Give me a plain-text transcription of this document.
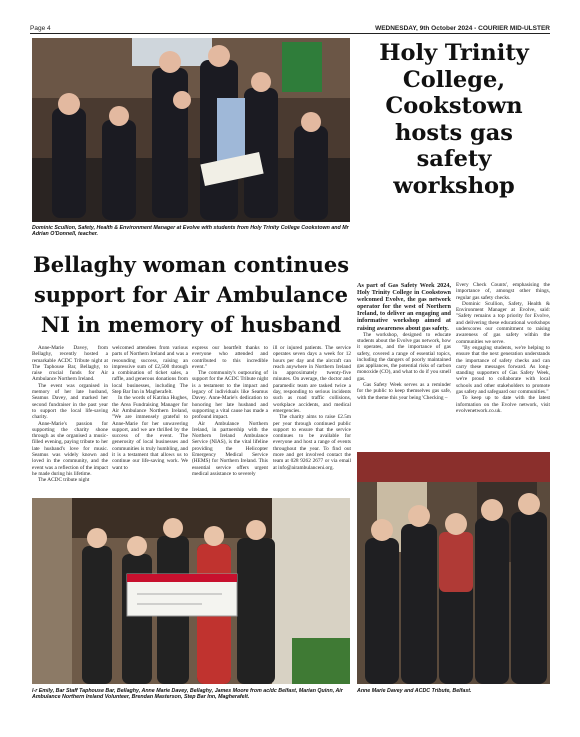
Page 4	WEDNESDAY, 9th October 2024 - COURIER MID-ULSTER
Dominic Scullion, Safety, Health & Environment Manager at Evolve with students from Holy Trinity College Cookstown and Mr Adrian O'Donnell, teacher.
Holy Trinity College, Cookstown hosts gas safety workshop

As part of Gas Safety Week 2024, Holy Trinity College in Cookstown welcomed Evolve, the gas network operator for the west of Northern Ireland, to deliver an engaging and informative workshop aimed at raising awareness about gas safety.

The workshop, designed to educate students about the Evolve gas network, how it operates, and the importance of gas safety, covered a range of essential topics, including the dangers of poorly maintained gas appliances, the potential risks of carbon monoxide (CO), and what to do if you smell gas.

Gas Safety Week serves as a reminder for the public to keep themselves gas safe, with the theme this year being 'Checking –

Every Check Counts', emphasising the importance of, amongst other things, regular gas safety checks.

Dominic Scullion, Safety, Health & Environment Manager at Evolve, said: "Safety remains a top priority for Evolve, and delivering these educational workshops underscores our commitment to raising awareness of gas safety within the communities we serve.

"By engaging students, we're helping to ensure that the next generation understands the importance of safety checks and can carry these messages forward. As long-standing supporters of Gas Safety Week, we're proud to collaborate with local schools and other stakeholders to promote gas safety and safeguard our communities."

To keep up to date with the latest information on the Evolve network, visit evolvenetwork.co.uk.

Bellaghy woman continues support for Air Ambulance NI in memory of husband

Anne-Marie Davey, from Bellaghy, recently hosted a remarkable ACDC Tribute night at The Taphouse Bar, Bellaghy, to raise crucial funds for Air Ambulance Northern Ireland.

The event was organised in memory of her late husband, Seamus Davey, and marked her second fundraiser in the past year to support the local life-saving charity.

Anne-Marie's passion for supporting the charity shone through as she organised a music-filled evening, paying tribute to her late husband's love for music. Seamus was widely known and loved in the community, and the event was a reflection of the impact he made during his lifetime.

The ACDC tribute night

welcomed attendees from various parts of Northern Ireland and was a resounding success, raising an impressive sum of £2,500 through a combination of ticket sales, a raffle, and generous donations from local businesses, including The Step Bar Inn in Magherafelt.

In the words of Katrina Hughes, the Area Fundraising Manager for Air Ambulance Northern Ireland, "We are immensely grateful to Anne-Marie for her unwavering support, and we are thrilled by the success of the event. The generosity of local businesses and communities is truly humbling, and it is a testament that allows us to continue our life-saving work. We want to

express our heartfelt thanks to everyone who attended and contributed to this incredible event."

The community's outpouring of support for the ACDC Tribute night is a testament to the impact and legacy of individuals like Seamus Davey. Anne-Marie's dedication to honoring her late husband and supporting a vital cause has made a profound impact.

Air Ambulance Northern Ireland, in partnership with the Northern Ireland Ambulance Service (NIAS), is the vital lifeline providing the Helicopter Emergency Medical Service (HEMS) for Northern Ireland. This essential service offers urgent medical assistance to severely

ill or injured patients. The service operates seven days a week for 12 hours per day and the aircraft can reach anywhere in Northern Ireland in approximately twenty-five minutes. On average, the doctor and paramedic team are tasked twice a day, responding to serious incidents such as road traffic collisions, workplace accidents, and medical emergencies.

The charity aims to raise £2.5m per year through continued public support to ensure that the service continues to be available for everyone and host a range of events throughout the year. To find out more and get involved contact the team at 028 9262 2677 or via email at info@airambulanceni.org.

l-r Emily, Bar Staff Taphouse Bar, Bellaghy, Anne Marie Davey, Bellaghy, James Moore from ac/dc Belfast, Marian Quinn, Air Ambulance Northern Ireland Volunteer, Brendan Masterson, Step Bar Inn, Magherafelt.
Anne Marie Davey and ACDC Tribute, Belfast.
